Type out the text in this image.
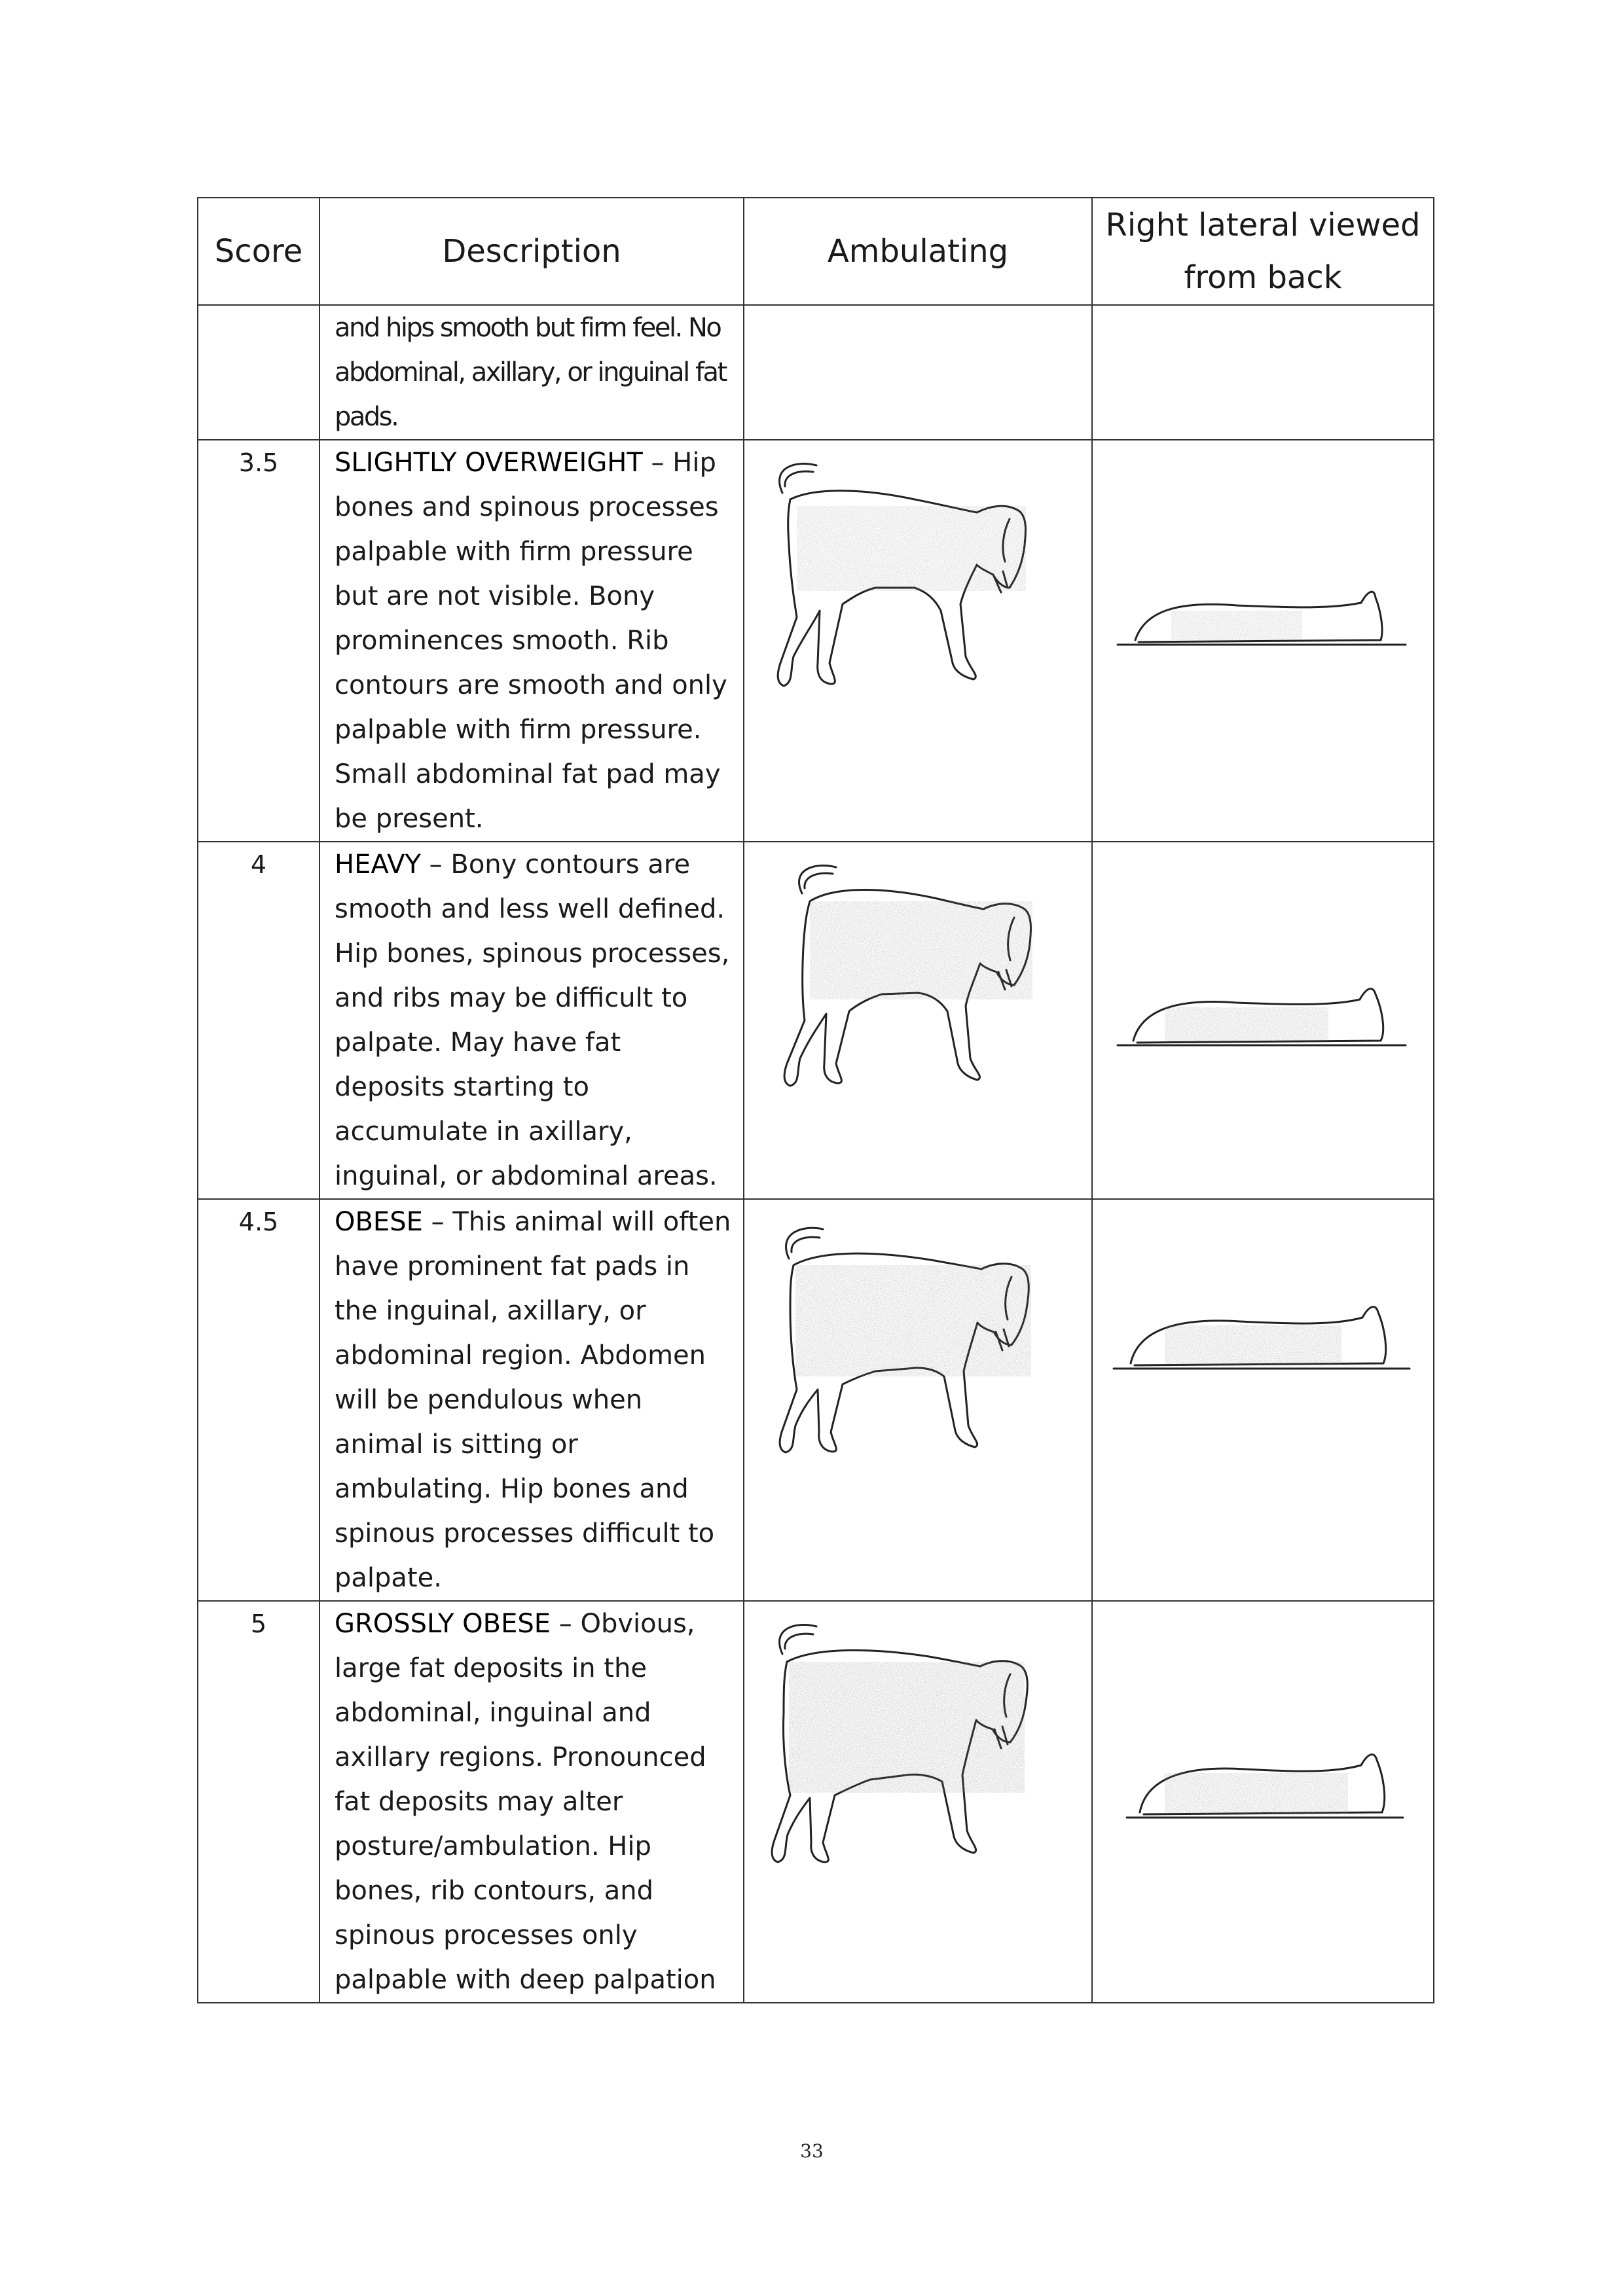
Score	Description	Ambulating	Right lateral viewed from back
	and hips smooth but firm feel. No abdominal, axillary, or inguinal fat pads.		
3.5	SLIGHTLY OVERWEIGHT – Hip bones and spinous processes palpable with firm pressure but are not visible. Bony prominences smooth. Rib contours are smooth and only palpable with firm pressure. Small abdominal fat pad may be present.	

4	HEAVY – Bony contours are smooth and less well defined. Hip bones, spinous processes, and ribs may be difficult to palpate. May have fat deposits starting to accumulate in axillary, inguinal, or abdominal areas.	

4.5	OBESE – This animal will often have prominent fat pads in the inguinal, axillary, or abdominal region. Abdomen will be pendulous when animal is sitting or ambulating. Hip bones and spinous processes difficult to palpate.	

5	GROSSLY OBESE – Obvious, large fat deposits in the abdominal, inguinal and axillary regions. Pronounced fat deposits may alter posture/ambulation. Hip bones, rib contours, and spinous processes only palpable with deep palpation	

33
